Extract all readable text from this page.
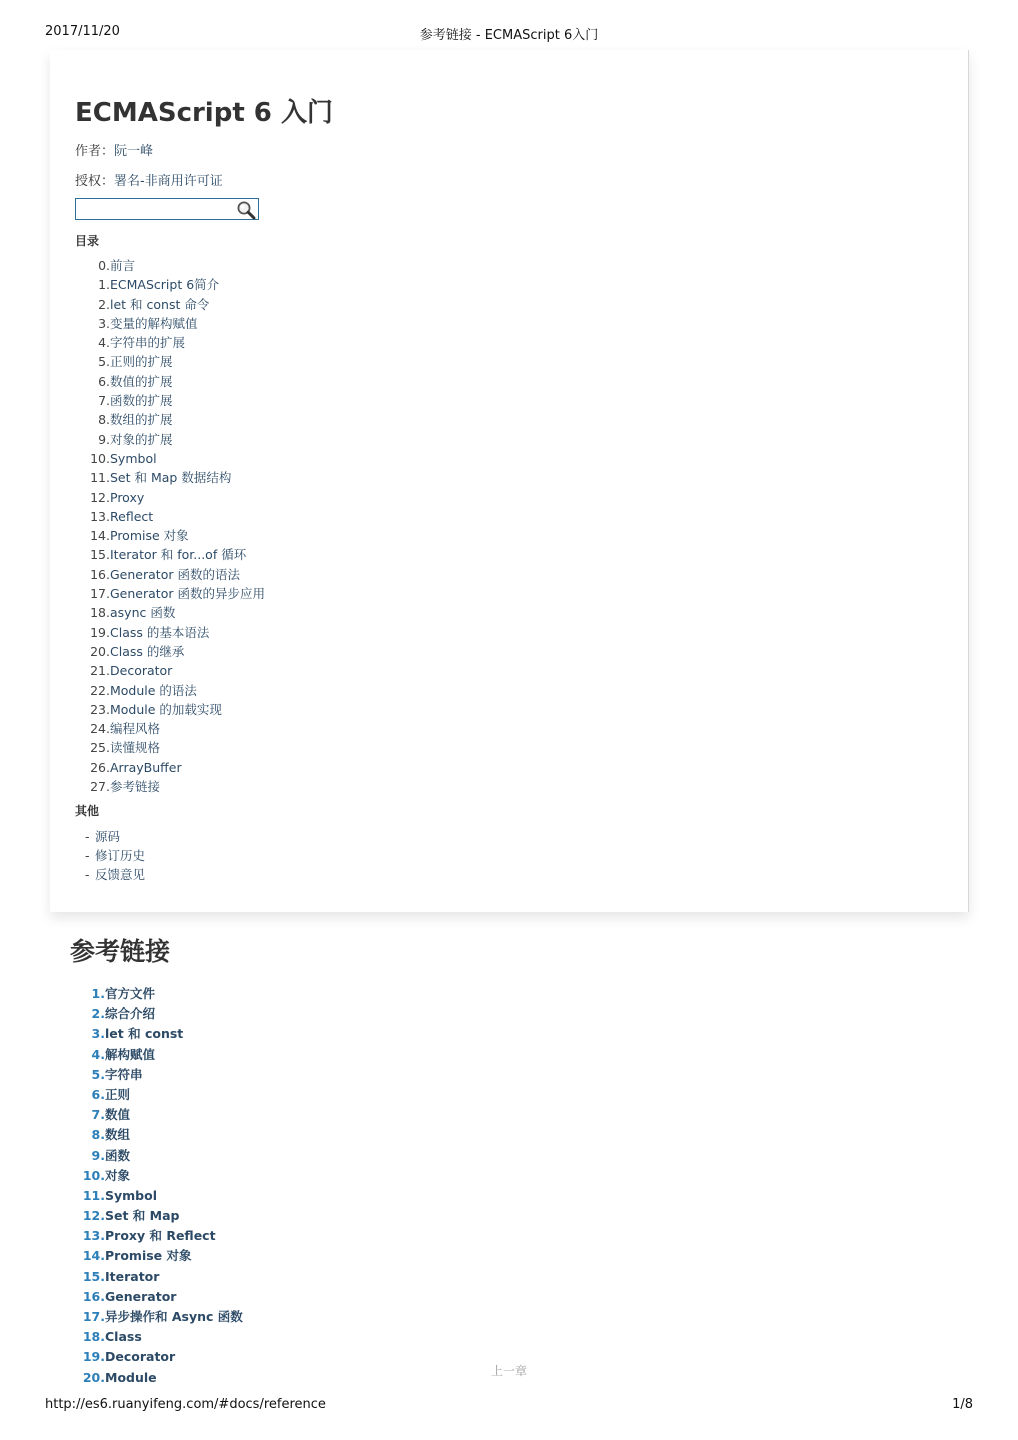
2017/11/20	参考链接 - ECMAScript 6入门
ECMAScript 6 入门
作者：阮一峰
授权：署名-非商用许可证
目录
0.前言
1.ECMAScript 6简介
2.let 和 const 命令
3.变量的解构赋值
4.字符串的扩展
5.正则的扩展
6.数值的扩展
7.函数的扩展
8.数组的扩展
9.对象的扩展
10.Symbol
11.Set 和 Map 数据结构
12.Proxy
13.Reflect
14.Promise 对象
15.Iterator 和 for...of 循环
16.Generator 函数的语法
17.Generator 函数的异步应用
18.async 函数
19.Class 的基本语法
20.Class 的继承
21.Decorator
22.Module 的语法
23.Module 的加载实现
24.编程风格
25.读懂规格
26.ArrayBuffer
27.参考链接
其他
- 源码
- 修订历史
- 反馈意见
参考链接
1.官方文件
2.综合介绍
3.let 和 const
4.解构赋值
5.字符串
6.正则
7.数值
8.数组
9.函数
10.对象
11.Symbol
12.Set 和 Map
13.Proxy 和 Reflect
14.Promise 对象
15.Iterator
16.Generator
17.异步操作和 Async 函数
18.Class
19.Decorator
20.Module	上一章
http://es6.ruanyifeng.com/#docs/reference	1/8
